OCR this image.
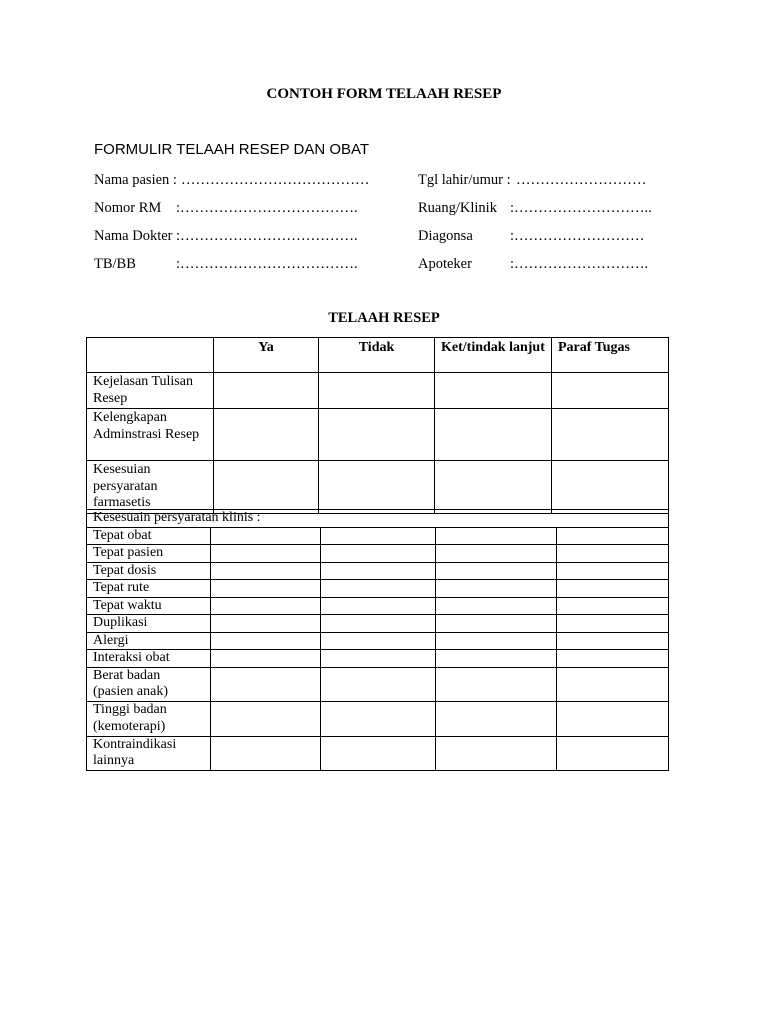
CONTOH FORM TELAAH RESEP
FORMULIR TELAAH RESEP DAN OBAT
Nama pasien : …………………………………	Tgl lahir/umur : ………………………
Nomor RM :……………………………….	Ruang/Klinik :………………………..
Nama Dokter :……………………………….	Diagonsa	:………………………
TB/BB	:……………………………….	Apoteker	:……………………….
TELAAH RESEP
	Ya	Tidak	Ket/tindak lanjut	Paraf Tugas
Kejelasan Tulisan Resep				
Kelengkapan Adminstrasi Resep				
Kesesuian persyaratan farmasetis				
Kesesuain persyaratan klinis :				
Tepat obat				
Tepat pasien				
Tepat dosis				
Tepat rute				
Tepat waktu				
Duplikasi				
Alergi				
Interaksi obat				
Berat badan (pasien anak)				
Tinggi badan (kemoterapi)				
Kontraindikasi lainnya				
